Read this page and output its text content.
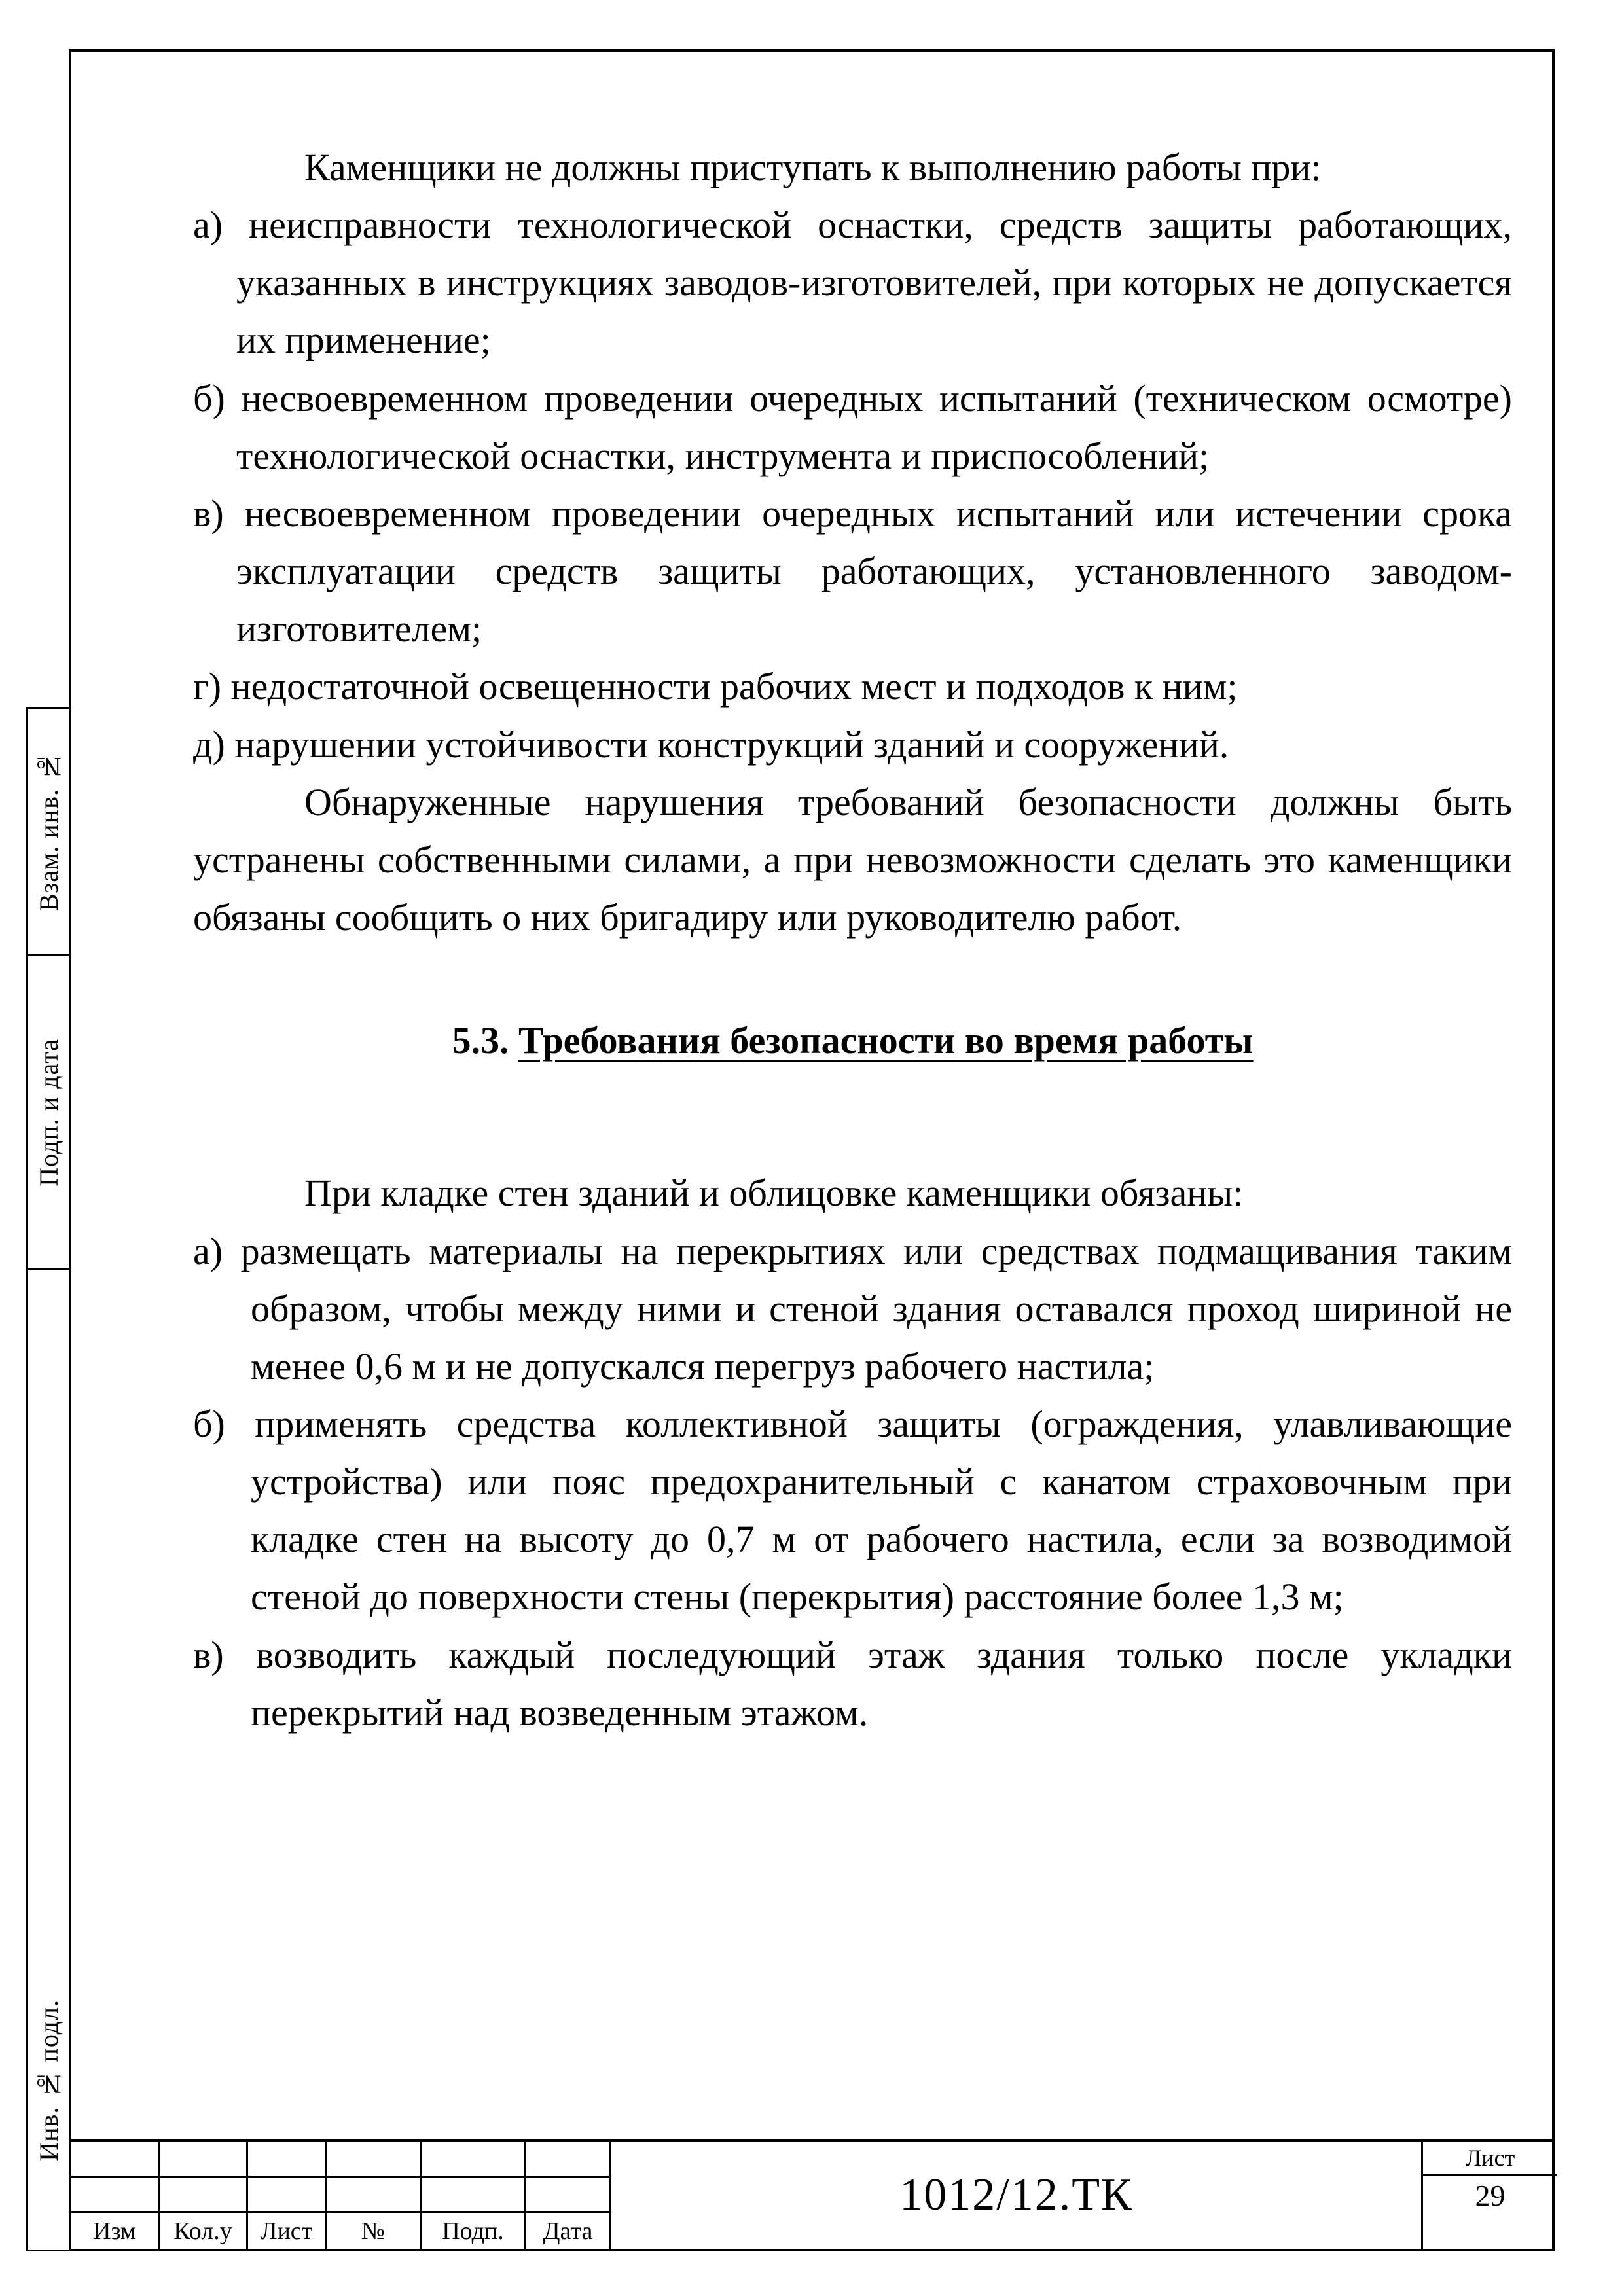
Взам. инв. №
Подп. и дата
Инв. № подл.

Каменщики не должны приступать к выполнению работы при:

а) неисправности технологической оснастки, средств защиты работающих, указанных в инструкциях заводов-изготовителей, при которых не допускается их применение;

б) несвоевременном проведении очередных испытаний (техническом осмотре) технологической оснастки, инструмента и приспособлений;

в) несвоевременном проведении очередных испытаний или истечении срока эксплуатации средств защиты работающих, установленного заводом-изготовителем;

г) недостаточной освещенности рабочих мест и подходов к ним;

д) нарушении устойчивости конструкций зданий и сооружений.

Обнаруженные нарушения требований безопасности должны быть устранены собственными силами, а при невозможности сделать это каменщики обязаны сообщить о них бригадиру или руководителю работ.

5.3. Требования безопасности во время работы

При кладке стен зданий и облицовке каменщики обязаны:

а) размещать материалы на перекрытиях или средствах подмащивания таким образом, чтобы между ними и стеной здания оставался проход шириной не менее 0,6 м и не допускался перегруз рабочего настила;

б) применять средства коллективной защиты (ограждения, улавливающие устройства) или пояс предохранительный с канатом страховочным при кладке стен на высоту до 0,7 м от рабочего настила, если за возводимой стеной до поверхности стены (перекрытия) расстояние более 1,3 м;

в) возводить каждый последующий этаж здания только после укладки перекрытий над возведенным этажом.

Изм	Кол.у	Лист	№	Подп.	Дата
1012/12.ТК
Лист
29
